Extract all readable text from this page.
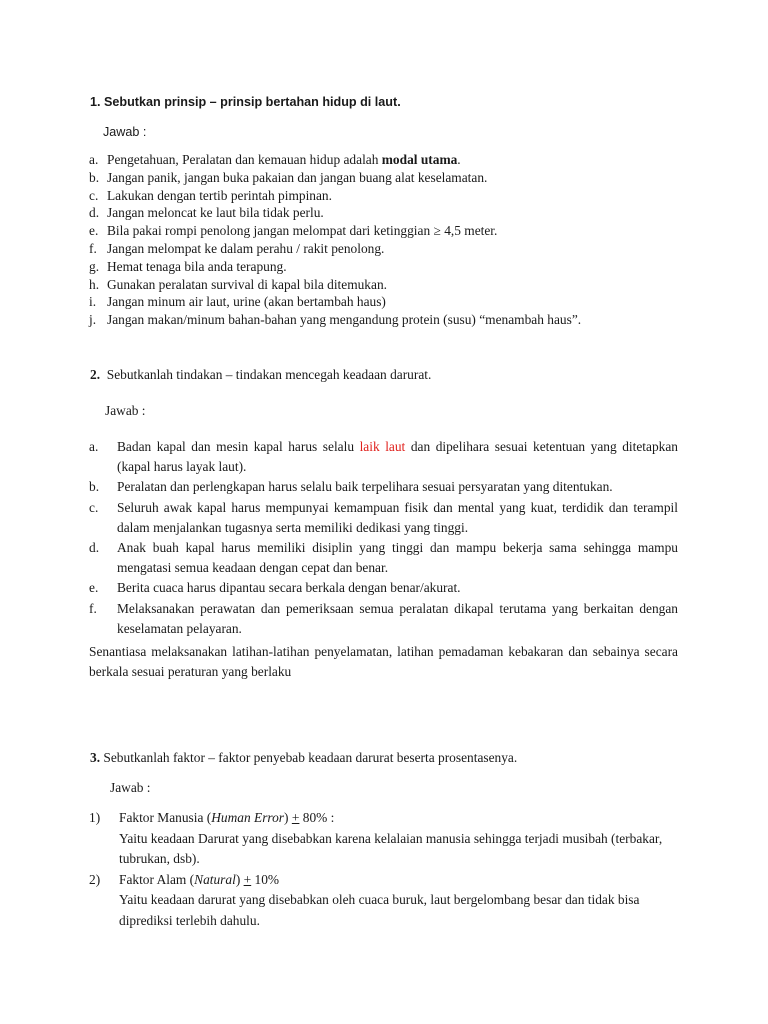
1. Sebutkan prinsip – prinsip bertahan hidup di laut.
Jawab :
a. Pengetahuan, Peralatan dan kemauan hidup adalah modal utama.
b. Jangan panik, jangan buka pakaian dan jangan buang alat keselamatan.
c. Lakukan dengan tertib perintah pimpinan.
d. Jangan meloncat ke laut bila tidak perlu.
e. Bila pakai rompi penolong jangan melompat dari ketinggian ≥ 4,5 meter.
f. Jangan melompat ke dalam perahu / rakit penolong.
g. Hemat tenaga bila anda terapung.
h. Gunakan peralatan survival di kapal bila ditemukan.
i. Jangan minum air laut, urine (akan bertambah haus)
j. Jangan makan/minum bahan-bahan yang mengandung protein (susu) “menambah haus”.
2. Sebutkanlah tindakan – tindakan mencegah keadaan darurat.
Jawab :
a. Badan kapal dan mesin kapal harus selalu laik laut dan dipelihara sesuai ketentuan yang ditetapkan (kapal harus layak laut).
b. Peralatan dan perlengkapan harus selalu baik terpelihara sesuai persyaratan yang ditentukan.
c. Seluruh awak kapal harus mempunyai kemampuan fisik dan mental yang kuat, terdidik dan terampil dalam menjalankan tugasnya serta memiliki dedikasi yang tinggi.
d. Anak buah kapal harus memiliki disiplin yang tinggi dan mampu bekerja sama sehingga mampu mengatasi semua keadaan dengan cepat dan benar.
e. Berita cuaca harus dipantau secara berkala dengan benar/akurat.
f. Melaksanakan perawatan dan pemeriksaan semua peralatan dikapal terutama yang berkaitan dengan keselamatan pelayaran.
Senantiasa melaksanakan latihan-latihan penyelamatan, latihan pemadaman kebakaran dan sebainya secara berkala sesuai peraturan yang berlaku
3. Sebutkanlah faktor – faktor penyebab keadaan darurat beserta prosentasenya.
Jawab :
1) Faktor Manusia (Human Error) + 80% :
Yaitu keadaan Darurat yang disebabkan karena kelalaian manusia sehingga terjadi musibah (terbakar, tubrukan, dsb).
2) Faktor Alam (Natural) + 10%
Yaitu keadaan darurat yang disebabkan oleh cuaca buruk, laut bergelombang besar dan tidak bisa diprediksi terlebih dahulu.
